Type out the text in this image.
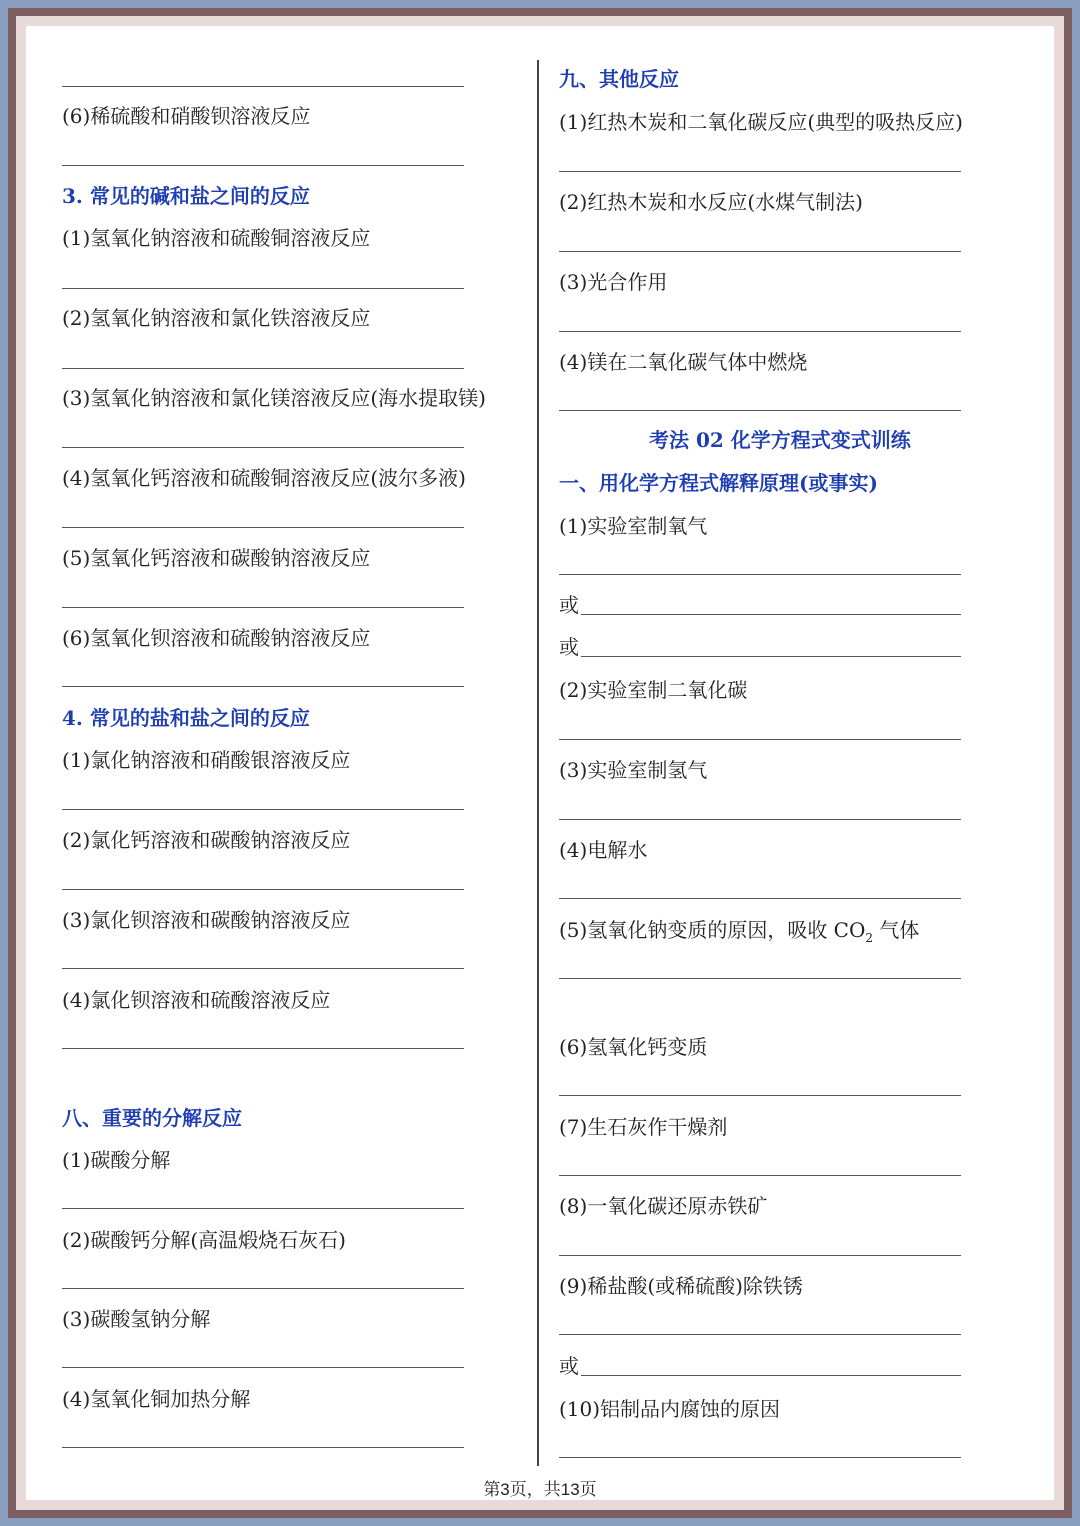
(6)稀硫酸和硝酸钡溶液反应
3. 常见的碱和盐之间的反应
(1)氢氧化钠溶液和硫酸铜溶液反应
(2)氢氧化钠溶液和氯化铁溶液反应
(3)氢氧化钠溶液和氯化镁溶液反应(海水提取镁)
(4)氢氧化钙溶液和硫酸铜溶液反应(波尔多液)
(5)氢氧化钙溶液和碳酸钠溶液反应
(6)氢氧化钡溶液和硫酸钠溶液反应
4. 常见的盐和盐之间的反应
(1)氯化钠溶液和硝酸银溶液反应
(2)氯化钙溶液和碳酸钠溶液反应
(3)氯化钡溶液和碳酸钠溶液反应
(4)氯化钡溶液和硫酸溶液反应
八、重要的分解反应
(1)碳酸分解
(2)碳酸钙分解(高温煅烧石灰石)
(3)碳酸氢钠分解
(4)氢氧化铜加热分解
九、其他反应
(1)红热木炭和二氧化碳反应(典型的吸热反应)
(2)红热木炭和水反应(水煤气制法)
(3)光合作用
(4)镁在二氧化碳气体中燃烧
考法 02 化学方程式变式训练
一、用化学方程式解释原理(或事实)
(1)实验室制氧气
或
或
(2)实验室制二氧化碳
(3)实验室制氢气
(4)电解水
(5)氢氧化钠变质的原因，吸收 $CO_2$ 气体
(6)氢氧化钙变质
(7)生石灰作干燥剂
(8)一氧化碳还原赤铁矿
(9)稀盐酸(或稀硫酸)除铁锈
或
(10)铝制品内腐蚀的原因
第3页，共13页
